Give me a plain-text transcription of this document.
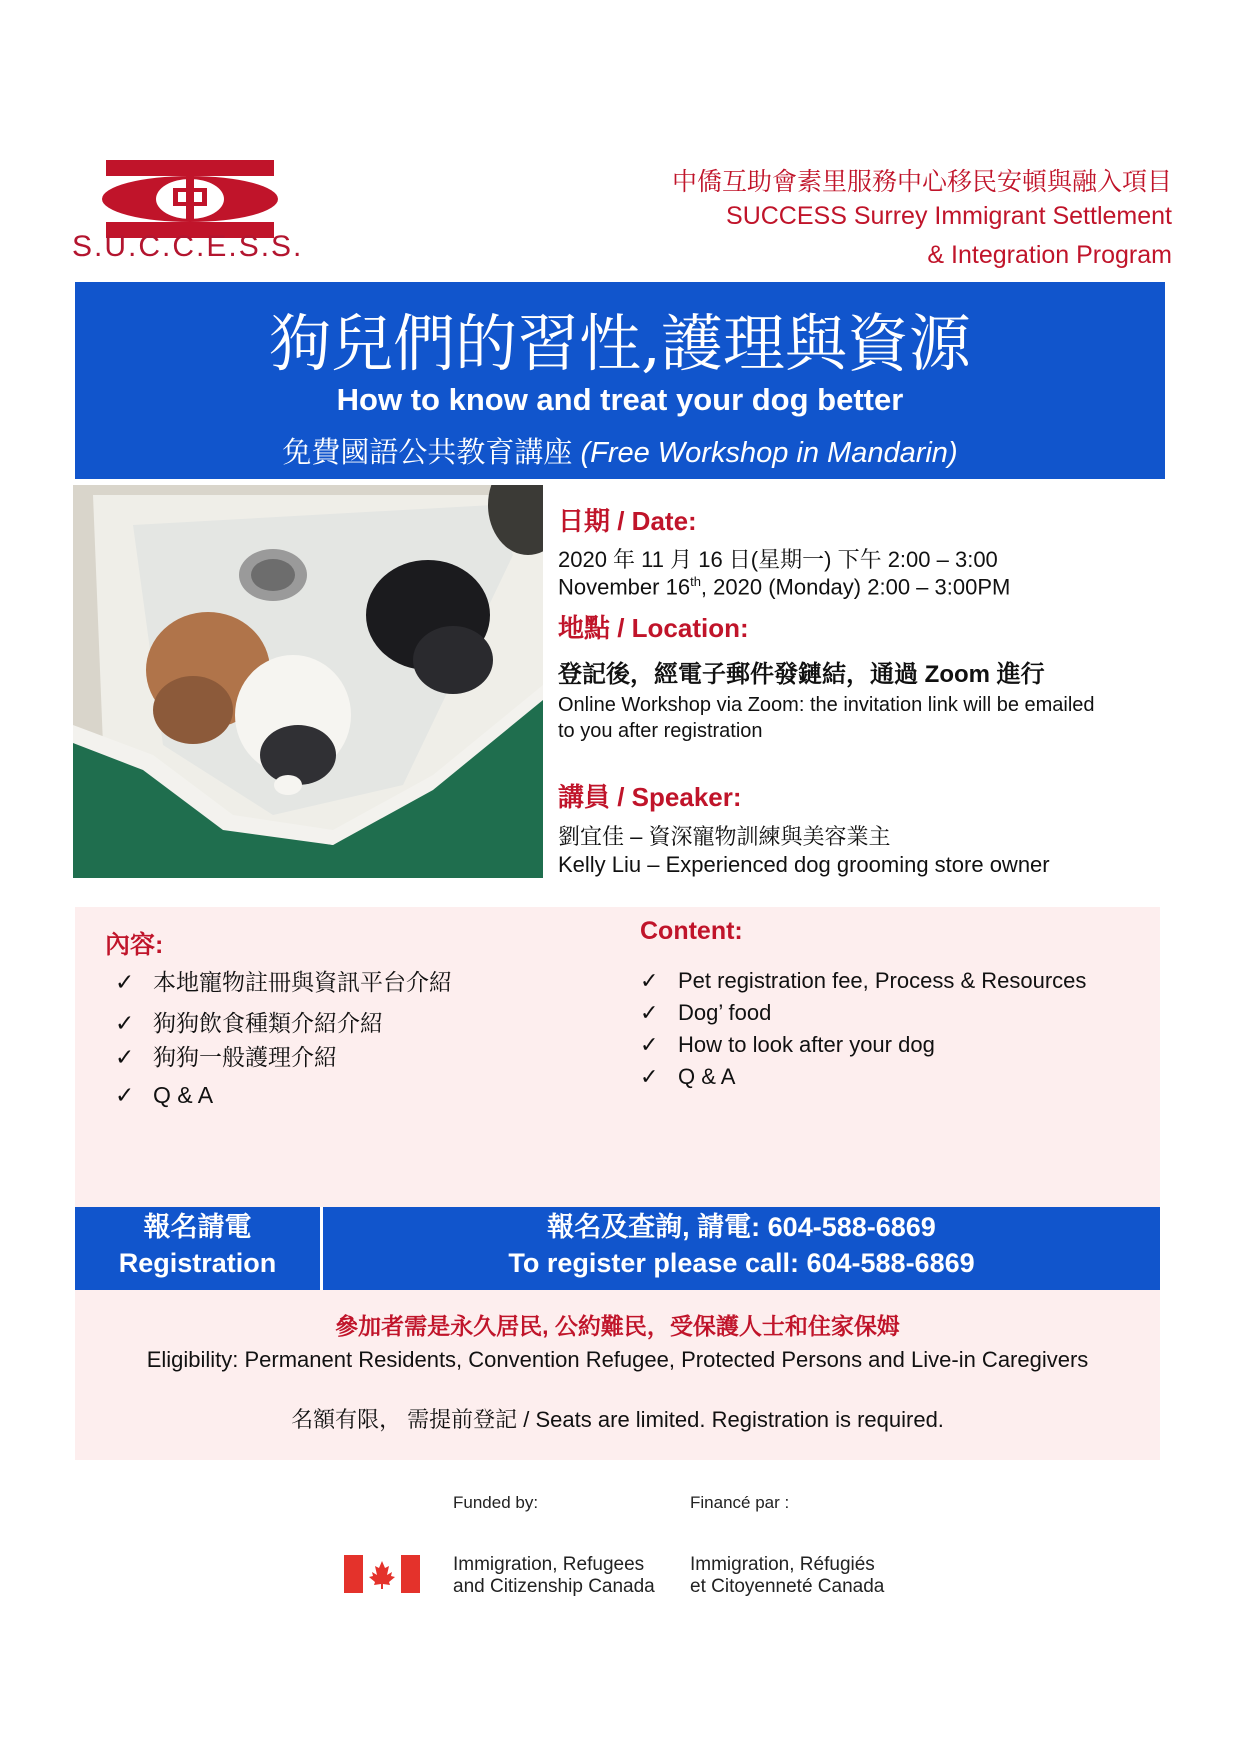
S.U.C.C.E.S.S.
中僑互助會素里服務中心移民安頓與融入項目
SUCCESS Surrey Immigrant Settlement
& Integration Program
狗兒們的習性,護理與資源
How to know and treat your dog better
免費國語公共教育講座 (Free Workshop in Mandarin)
日期 / Date:
2020 年 11 月 16 日(星期一) 下午 2:00 – 3:00
November 16th, 2020 (Monday) 2:00 – 3:00PM
地點 / Location:
登記後，經電子郵件發鏈結，通過 Zoom 進行
Online Workshop via Zoom: the invitation link will be emailed
to you after registration
講員 / Speaker:
劉宜佳 – 資深寵物訓練與美容業主
Kelly Liu – Experienced dog grooming store owner
內容:	Content:
✓ 本地寵物註冊與資訊平台介紹
✓ 狗狗飲食種類介紹介紹
✓ 狗狗一般護理介紹
✓ Q & A
✓ Pet registration fee, Process & Resources
✓ Dog’ food
✓ How to look after your dog
✓ Q & A
報名請電
Registration
報名及查詢, 請電: 604-588-6869
To register please call: 604-588-6869
參加者需是永久居民, 公約難民，受保護人士和住家保姆
Eligibility: Permanent Residents, Convention Refugee, Protected Persons and Live-in Caregivers
名額有限， 需提前登記 / Seats are limited. Registration is required.
Funded by:	Financé par :
Immigration, Refugees
and Citizenship Canada
Immigration, Réfugiés
et Citoyenneté Canada
